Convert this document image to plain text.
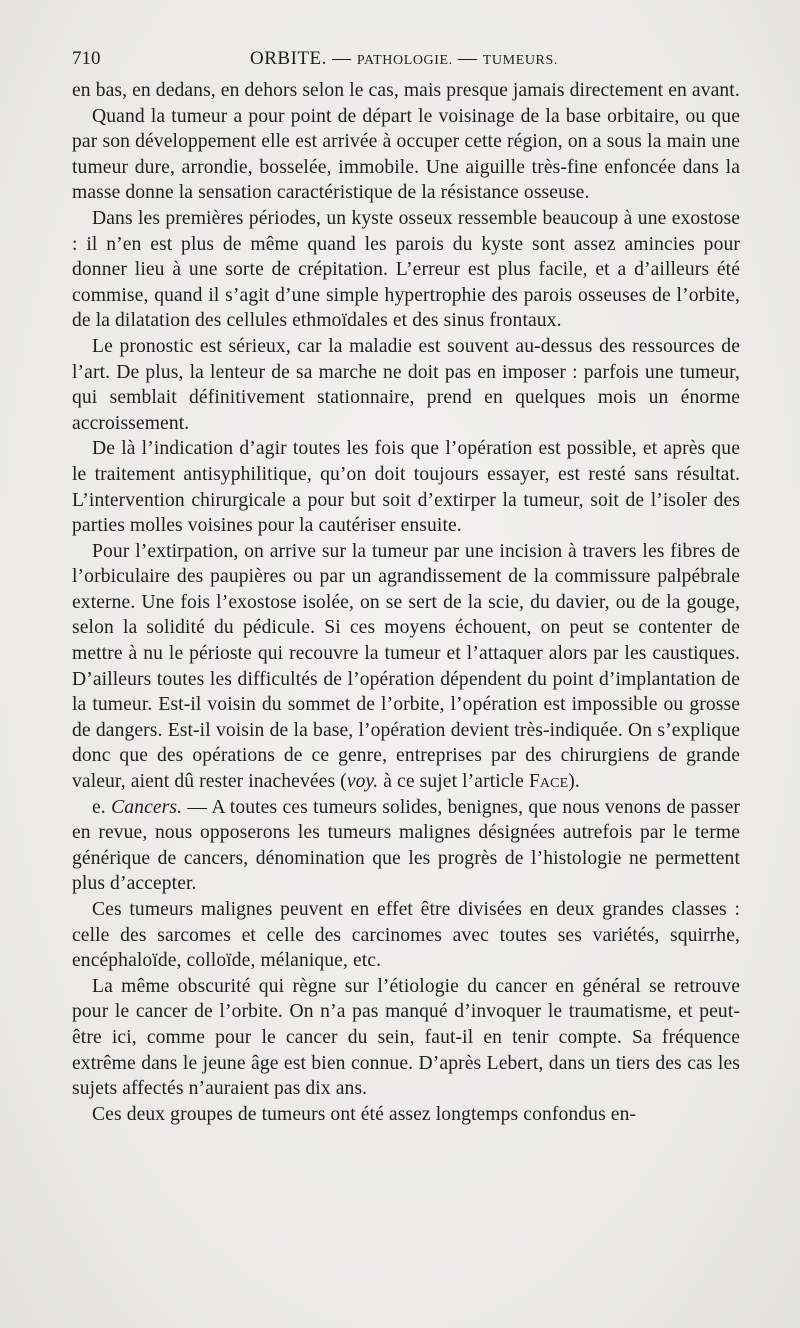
710	ORBITE. — PATHOLOGIE. — TUMEURS.

en bas, en dedans, en dehors selon le cas, mais presque jamais directement en avant.

Quand la tumeur a pour point de départ le voisinage de la base orbitaire, ou que par son développement elle est arrivée à occuper cette région, on a sous la main une tumeur dure, arrondie, bosselée, immobile. Une aiguille très-fine enfoncée dans la masse donne la sensation caractéristique de la résistance osseuse.

Dans les premières périodes, un kyste osseux ressemble beaucoup à une exostose : il n’en est plus de même quand les parois du kyste sont assez amincies pour donner lieu à une sorte de crépitation. L’erreur est plus facile, et a d’ailleurs été commise, quand il s’agit d’une simple hypertrophie des parois osseuses de l’orbite, de la dilatation des cellules ethmoïdales et des sinus frontaux.

Le pronostic est sérieux, car la maladie est souvent au-dessus des ressources de l’art. De plus, la lenteur de sa marche ne doit pas en imposer : parfois une tumeur, qui semblait définitivement stationnaire, prend en quelques mois un énorme accroissement.

De là l’indication d’agir toutes les fois que l’opération est possible, et après que le traitement antisyphilitique, qu’on doit toujours essayer, est resté sans résultat. L’intervention chirurgicale a pour but soit d’extirper la tumeur, soit de l’isoler des parties molles voisines pour la cautériser ensuite.

Pour l’extirpation, on arrive sur la tumeur par une incision à travers les fibres de l’orbiculaire des paupières ou par un agrandissement de la commissure palpébrale externe. Une fois l’exostose isolée, on se sert de la scie, du davier, ou de la gouge, selon la solidité du pédicule. Si ces moyens échouent, on peut se contenter de mettre à nu le périoste qui recouvre la tumeur et l’attaquer alors par les caustiques. D’ailleurs toutes les difficultés de l’opération dépendent du point d’implantation de la tumeur. Est-il voisin du sommet de l’orbite, l’opération est impossible ou grosse de dangers. Est-il voisin de la base, l’opération devient très-indiquée. On s’explique donc que des opérations de ce genre, entreprises par des chirurgiens de grande valeur, aient dû rester inachevées (voy. à ce sujet l’article Face).

e. Cancers. — A toutes ces tumeurs solides, benignes, que nous venons de passer en revue, nous opposerons les tumeurs malignes désignées autrefois par le terme générique de cancers, dénomination que les progrès de l’histologie ne permettent plus d’accepter.

Ces tumeurs malignes peuvent en effet être divisées en deux grandes classes : celle des sarcomes et celle des carcinomes avec toutes ses variétés, squirrhe, encéphaloïde, colloïde, mélanique, etc.

La même obscurité qui règne sur l’étiologie du cancer en général se retrouve pour le cancer de l’orbite. On n’a pas manqué d’invoquer le traumatisme, et peut-être ici, comme pour le cancer du sein, faut-il en tenir compte. Sa fréquence extrême dans le jeune âge est bien connue. D’après Lebert, dans un tiers des cas les sujets affectés n’auraient pas dix ans.

Ces deux groupes de tumeurs ont été assez longtemps confondus en-
